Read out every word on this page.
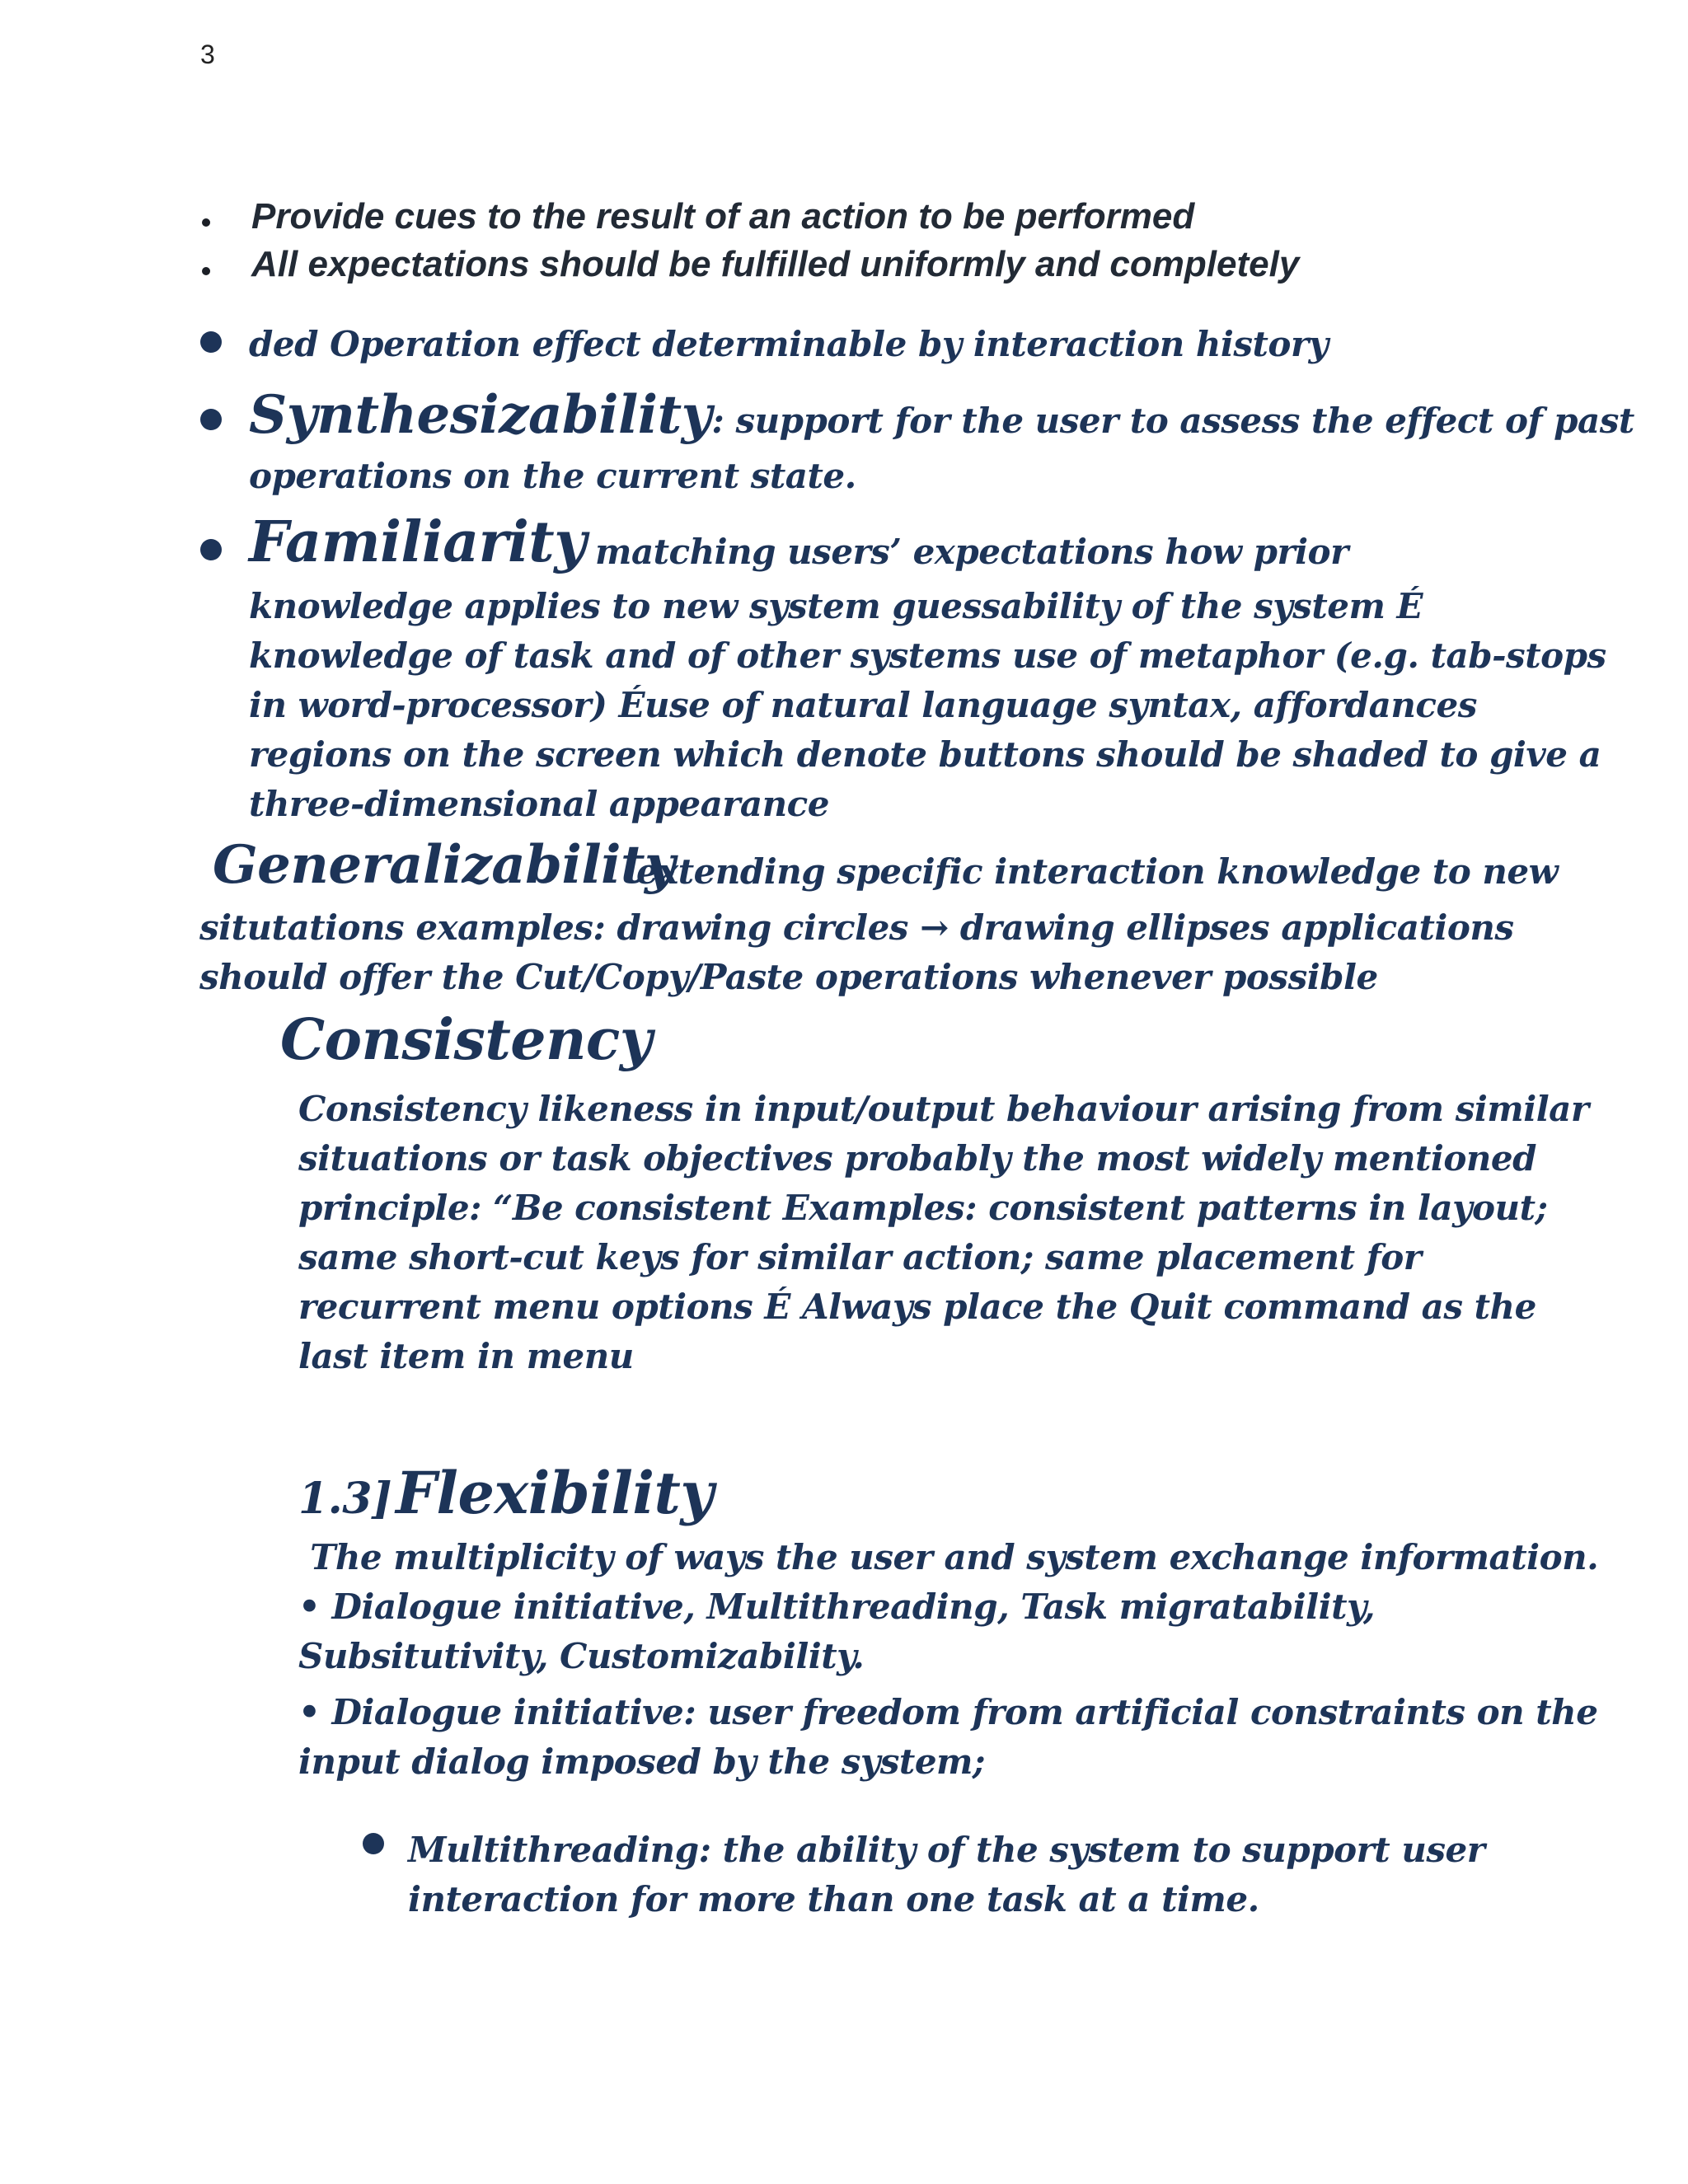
3
Provide cues to the result of an action to be performed
All expectations should be fulfilled uniformly and completely
ded Operation effect determinable by interaction history
Synthesizability: support for the user to assess the effect of past
operations on the current state.
Familiarity matching users’ expectations how prior
knowledge applies to new system guessability of the system É
knowledge of task and of other systems use of metaphor (e.g. tab-stops
in word-processor) Éuse of natural language syntax, affordances
regions on the screen which denote buttons should be shaded to give a
three-dimensional appearance
Generalizability
extending specific interaction knowledge to new
situtations examples: drawing circles → drawing ellipses applications
should offer the Cut/Copy/Paste operations whenever possible
Consistency
Consistency likeness in input/output behaviour arising from similar
situations or task objectives probably the most widely mentioned
principle: “Be consistent Examples: consistent patterns in layout;
same short-cut keys for similar action; same placement for
recurrent menu options É Always place the Quit command as the
last item in menu
1.3] Flexibility
The multiplicity of ways the user and system exchange information.
• Dialogue initiative, Multithreading, Task migratability,
Subsitutivity, Customizability.
• Dialogue initiative: user freedom from artificial constraints on the
input dialog imposed by the system;
Multithreading: the ability of the system to support user
interaction for more than one task at a time.
